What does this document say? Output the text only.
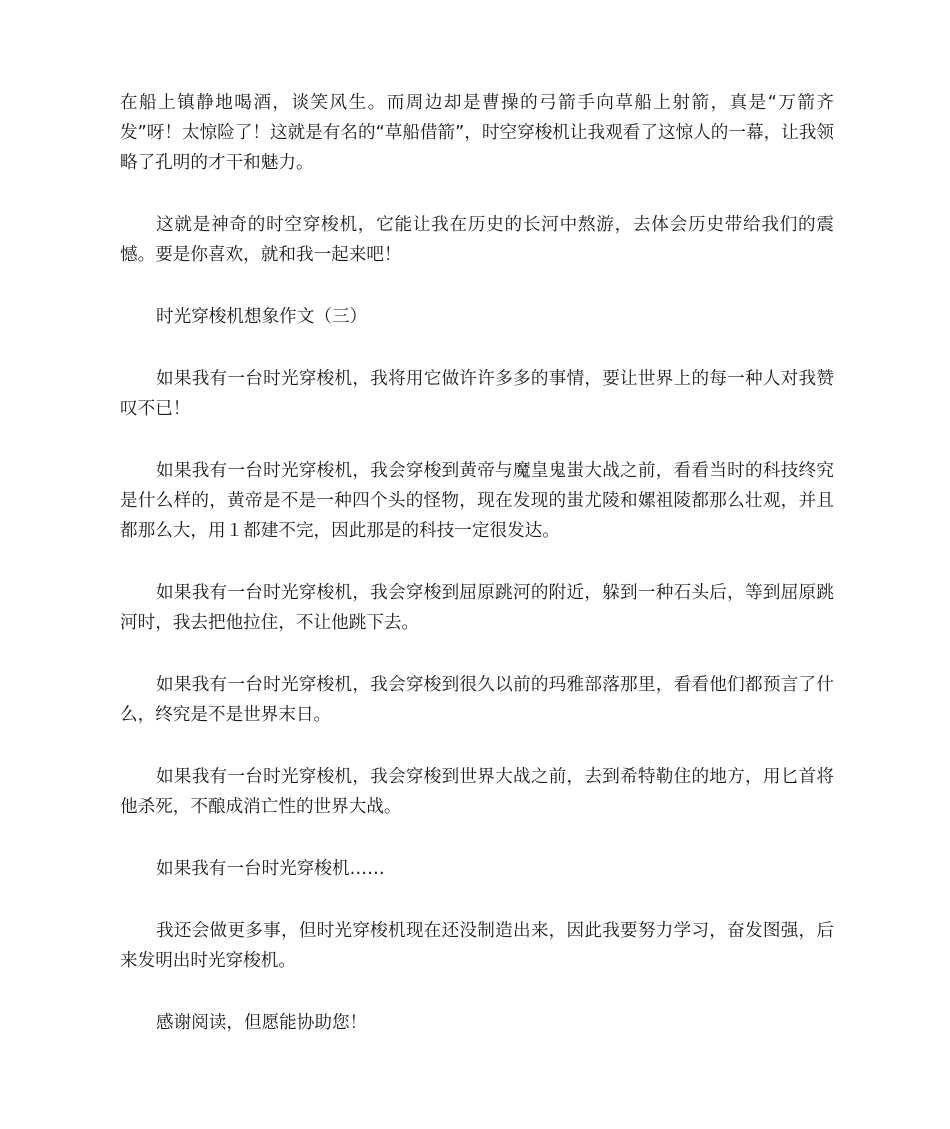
在船上镇静地喝酒，谈笑风生。而周边却是曹操的弓箭手向草船上射箭，真是“万箭齐发”呀！太惊险了！这就是有名的“草船借箭”，时空穿梭机让我观看了这惊人的一幕，让我领略了孔明的才干和魅力。

这就是神奇的时空穿梭机，它能让我在历史的长河中熬游，去体会历史带给我们的震憾。要是你喜欢，就和我一起来吧！

时光穿梭机想象作文（三）

如果我有一台时光穿梭机，我将用它做许许多多的事情，要让世界上的每一种人对我赞叹不已！

如果我有一台时光穿梭机，我会穿梭到黄帝与魔皇鬼蚩大战之前，看看当时的科技终究是什么样的，黄帝是不是一种四个头的怪物，现在发现的蚩尤陵和嫘祖陵都那么壮观，并且都那么大，用１都建不完，因此那是的科技一定很发达。

如果我有一台时光穿梭机，我会穿梭到屈原跳河的附近，躲到一种石头后，等到屈原跳河时，我去把他拉住，不让他跳下去。

如果我有一台时光穿梭机，我会穿梭到很久以前的玛雅部落那里，看看他们都预言了什么，终究是不是世界末日。

如果我有一台时光穿梭机，我会穿梭到世界大战之前，去到希特勒住的地方，用匕首将他杀死，不酿成消亡性的世界大战。

如果我有一台时光穿梭机……

我还会做更多事，但时光穿梭机现在还没制造出来，因此我要努力学习，奋发图强，后来发明出时光穿梭机。

感谢阅读，但愿能协助您！
